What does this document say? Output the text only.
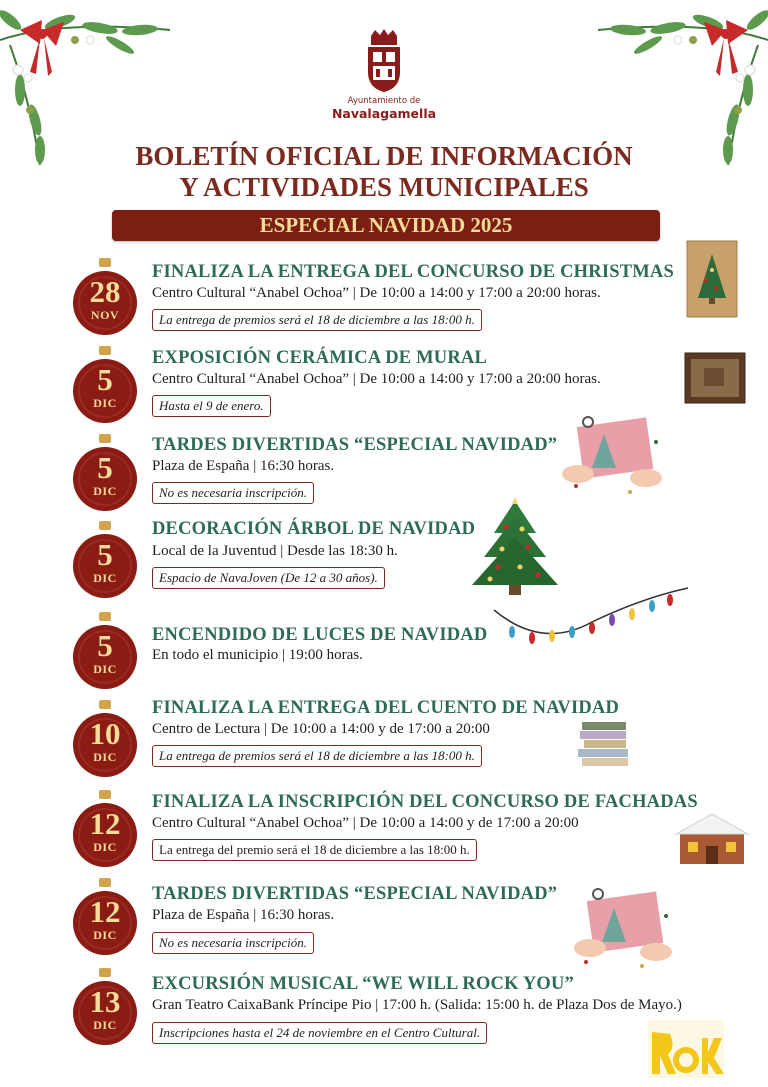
Ayuntamiento de
Navalagamella
BOLETÍN OFICIAL DE INFORMACIÓN
Y ACTIVIDADES MUNICIPALES
ESPECIAL NAVIDAD 2025
28
NOV
FINALIZA LA ENTREGA DEL CONCURSO DE CHRISTMAS
Centro Cultural “Anabel Ochoa” | De 10:00 a 14:00 y 17:00 a 20:00 horas.
La entrega de premios será el 18 de diciembre a las 18:00 h.
5
DIC
EXPOSICIÓN CERÁMICA DE MURAL
Centro Cultural “Anabel Ochoa” | De 10:00 a 14:00 y 17:00 a 20:00 horas.
Hasta el 9 de enero.
5
DIC
TARDES DIVERTIDAS “ESPECIAL NAVIDAD”
Plaza de España | 16:30 horas.
No es necesaria inscripción.
5
DIC
DECORACIÓN ÁRBOL DE NAVIDAD
Local de la Juventud | Desde las 18:30 h.
Espacio de NavaJoven (De 12 a 30 años).
5
DIC
ENCENDIDO DE LUCES DE NAVIDAD
En todo el municipio | 19:00 horas.
10
DIC
FINALIZA LA ENTREGA DEL CUENTO DE NAVIDAD
Centro de Lectura | De 10:00 a 14:00 y de 17:00 a 20:00
La entrega de premios será el 18 de diciembre a las 18:00 h.
12
DIC
FINALIZA LA INSCRIPCIÓN DEL CONCURSO DE FACHADAS
Centro Cultural “Anabel Ochoa” | De 10:00 a 14:00 y de 17:00 a 20:00
La entrega del premio será el 18 de diciembre a las 18:00 h.
12
DIC
TARDES DIVERTIDAS “ESPECIAL NAVIDAD”
Plaza de España | 16:30 horas.
No es necesaria inscripción.
13
DIC
EXCURSIÓN MUSICAL “WE WILL ROCK YOU”
Gran Teatro CaixaBank Príncipe Pio | 17:00 h. (Salida: 15:00 h. de Plaza Dos de Mayo.)
Inscripciones hasta el 24 de noviembre en el Centro Cultural.
